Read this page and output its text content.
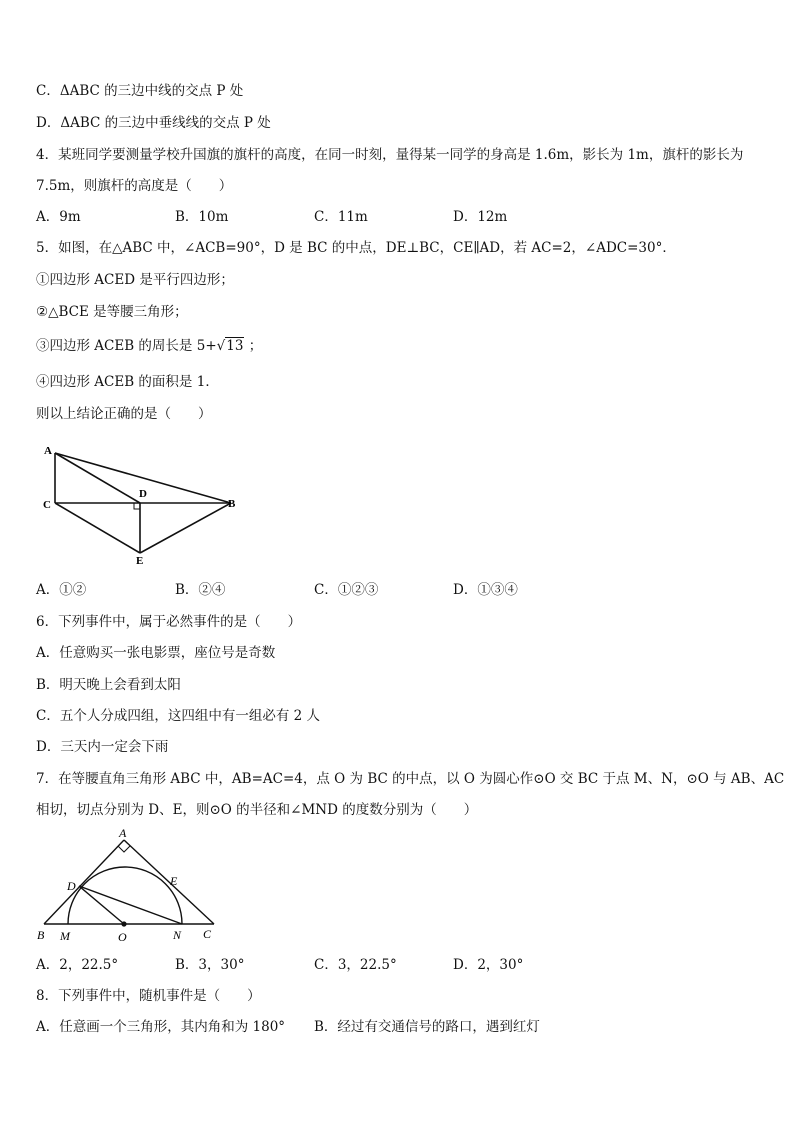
C．ΔABC 的三边中线的交点 P 处
D．ΔABC 的三边中垂线线的交点 P 处
4．某班同学要测量学校升国旗的旗杆的高度，在同一时刻，量得某一同学的身高是 1.6m，影长为 1m，旗杆的影长为
7.5m，则旗杆的高度是（　　）
A．9m	B．10m	C．11m	D．12m
5．如图，在△ABC 中，∠ACB=90°，D 是 BC 的中点，DE⊥BC，CE∥AD，若 AC=2，∠ADC=30°．
①四边形 ACED 是平行四边形；
②△BCE 是等腰三角形；
③四边形 ACEB 的周长是 5+√13 ；
④四边形 ACEB 的面积是 1．
则以上结论正确的是（　　）
A
C
D
B
E
A．①②	B．②④	C．①②③	D．①③④
6．下列事件中，属于必然事件的是（　　）
A．任意购买一张电影票，座位号是奇数
B．明天晚上会看到太阳
C．五个人分成四组，这四组中有一组必有 2 人
D．三天内一定会下雨
7．在等腰直角三角形 ABC 中，AB=AC=4，点 O 为 BC 的中点，以 O 为圆心作⊙O 交 BC 于点 M、N，⊙O 与 AB、AC
相切，切点分别为 D、E，则⊙O 的半径和∠MND 的度数分别为（　　）
A
D	E
B M	O	N C
A．2，22.5°	B．3，30°	C．3，22.5°	D．2，30°
8．下列事件中，随机事件是（　　）
A．任意画一个三角形，其内角和为 180° B．经过有交通信号的路口，遇到红灯
